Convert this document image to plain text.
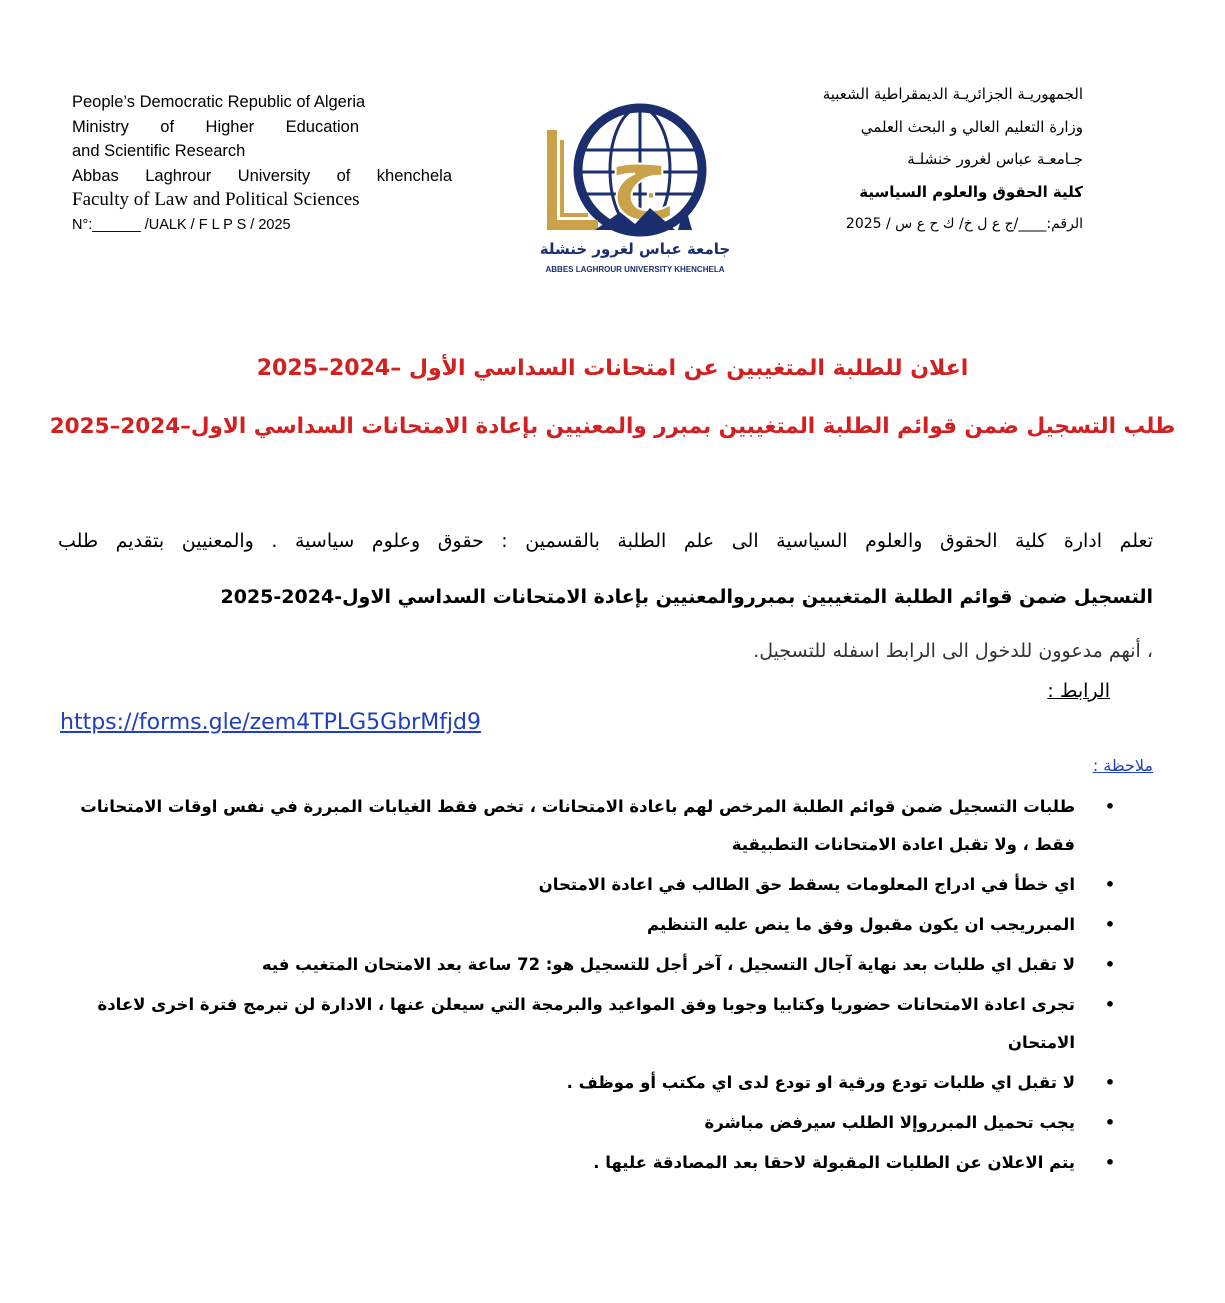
People’s Democratic Republic of Algeria
Ministry of Higher Education
and Scientific Research
Abbas Laghrour University of khenchela
Faculty of Law and Political Sciences
N°:______ /UALK / F L P S / 2025
ج
جامعة عباس لغرور خنشلة
ABBES LAGHROUR UNIVERSITY KHENCHELA
الجمهوريـة الجزائريـة الديمقراطية الشعبية
وزارة التعليم العالي و البحث العلمي
جـامعـة عباس لغرور خنشلـة
كلية الحقوق والعلوم السياسية
الرقم:____/ج ع ل خ/ ك ح ع س / 2025
اعلان للطلبة المتغيبين عن امتحانات السداسي الأول –2024–2025
طلب التسجيل ضمن قوائم الطلبة المتغيبين بمبرر والمعنيين بإعادة الامتحانات السداسي الاول–2024–2025
تعلم ادارة كلية الحقوق والعلوم السياسية الى علم الطلبة بالقسمين : حقوق وعلوم سياسية . والمعنيين بتقديم طلب
التسجيل ضمن قوائم الطلبة المتغيبين بمبرروالمعنيين بإعادة الامتحانات السداسي الاول-2024-2025
، أنهم مدعوون للدخول الى الرابط اسفله للتسجيل.
الرابط :
https://forms.gle/zem4TPLG5GbrMfjd9
ملاحظة :
•
طلبات التسجيل ضمن قوائم الطلبة المرخص لهم باعادة الامتحانات ، تخص فقط الغيابات المبررة في نفس اوقات الامتحانات فقط ، ولا تقبل اعادة الامتحانات التطبيقية
•
اي خطأ في ادراج المعلومات يسقط حق الطالب في اعادة الامتحان
•
المبرريجب ان يكون مقبول وفق ما ينص عليه التنظيم
•
لا تقبل اي طلبات بعد نهاية آجال التسجيل ، آخر أجل للتسجيل هو: 72 ساعة بعد الامتحان المتغيب فيه
•
تجرى اعادة الامتحانات حضوريا وكتابيا وجوبا وفق المواعيد والبرمجة التي سيعلن عنها ، الادارة لن تبرمج فترة اخرى لاعادة الامتحان
•
لا تقبل اي طلبات تودع ورقية او تودع لدى اي مكتب أو موظف .
•
يجب تحميل المبرروإلا الطلب سيرفض مباشرة
•
يتم الاعلان عن الطلبات المقبولة لاحقا بعد المصادقة عليها .
